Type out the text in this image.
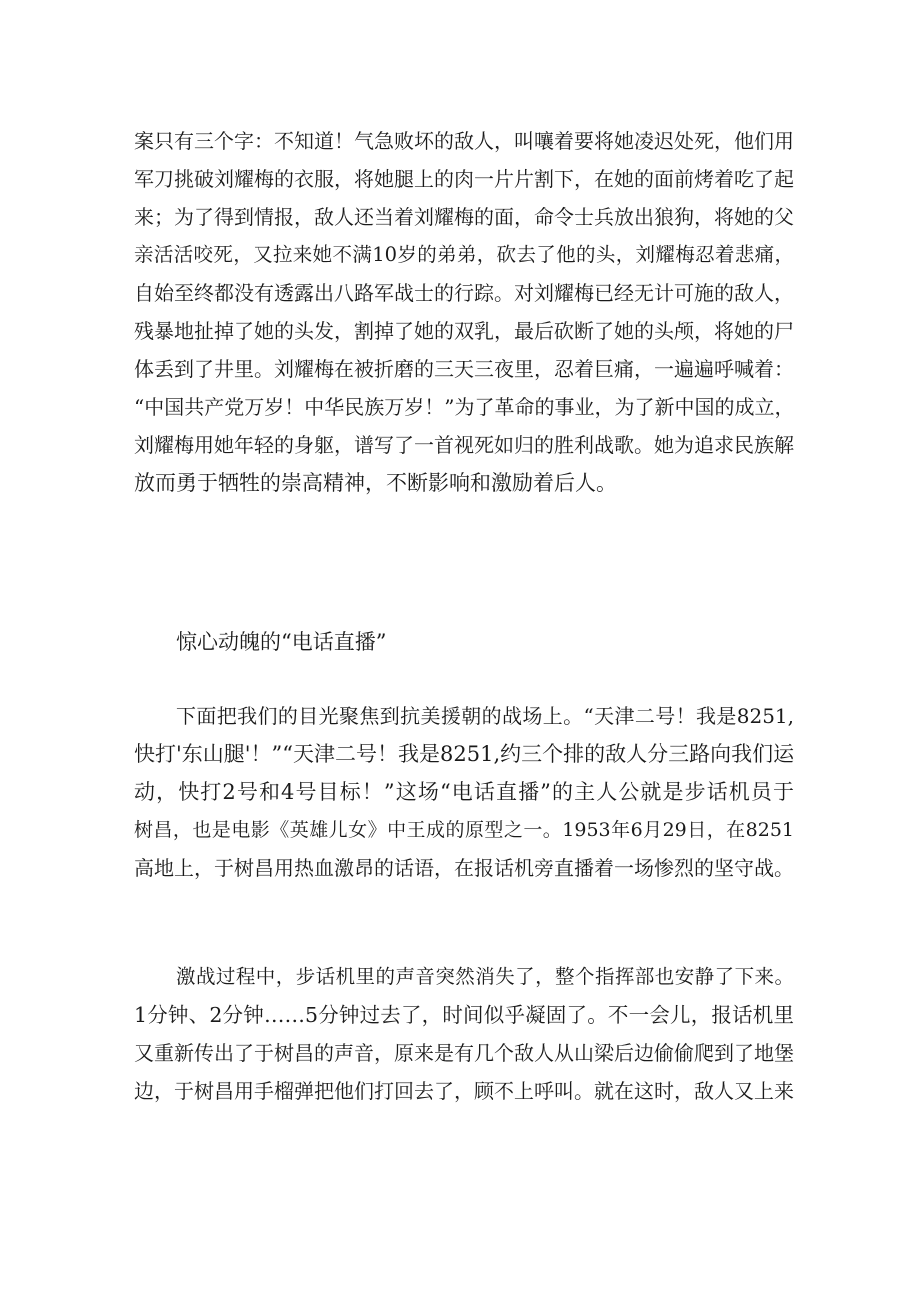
案只有三个字：不知道！气急败坏的敌人，叫嚷着要将她凌迟处死，他们用
军刀挑破刘耀梅的衣服，将她腿上的肉一片片割下，在她的面前烤着吃了起
来；为了得到情报，敌人还当着刘耀梅的面，命令士兵放出狼狗，将她的父
亲活活咬死，又拉来她不满10岁的弟弟，砍去了他的头，刘耀梅忍着悲痛，
自始至终都没有透露出八路军战士的行踪。对刘耀梅已经无计可施的敌人，
残暴地扯掉了她的头发，割掉了她的双乳，最后砍断了她的头颅，将她的尸
体丢到了井里。刘耀梅在被折磨的三天三夜里，忍着巨痛，一遍遍呼喊着：
“中国共产党万岁！中华民族万岁！”为了革命的事业，为了新中国的成立，
刘耀梅用她年轻的身躯，谱写了一首视死如归的胜利战歌。她为追求民族解
放而勇于牺牲的崇高精神，不断影响和激励着后人。
惊心动魄的“电话直播”
下面把我们的目光聚焦到抗美援朝的战场上。“天津二号！我是8251,
快打'东山腿'！”“天津二号！我是8251,约三个排的敌人分三路向我们运
动，快打2号和4号目标！”这场“电话直播”的主人公就是步话机员于
树昌，也是电影《英雄儿女》中王成的原型之一。1953年6月29日，在8251
高地上，于树昌用热血激昂的话语，在报话机旁直播着一场惨烈的坚守战。
激战过程中，步话机里的声音突然消失了，整个指挥部也安静了下来。
1分钟、2分钟……5分钟过去了，时间似乎凝固了。不一会儿，报话机里
又重新传出了于树昌的声音，原来是有几个敌人从山梁后边偷偷爬到了地堡
边，于树昌用手榴弹把他们打回去了，顾不上呼叫。就在这时，敌人又上来
